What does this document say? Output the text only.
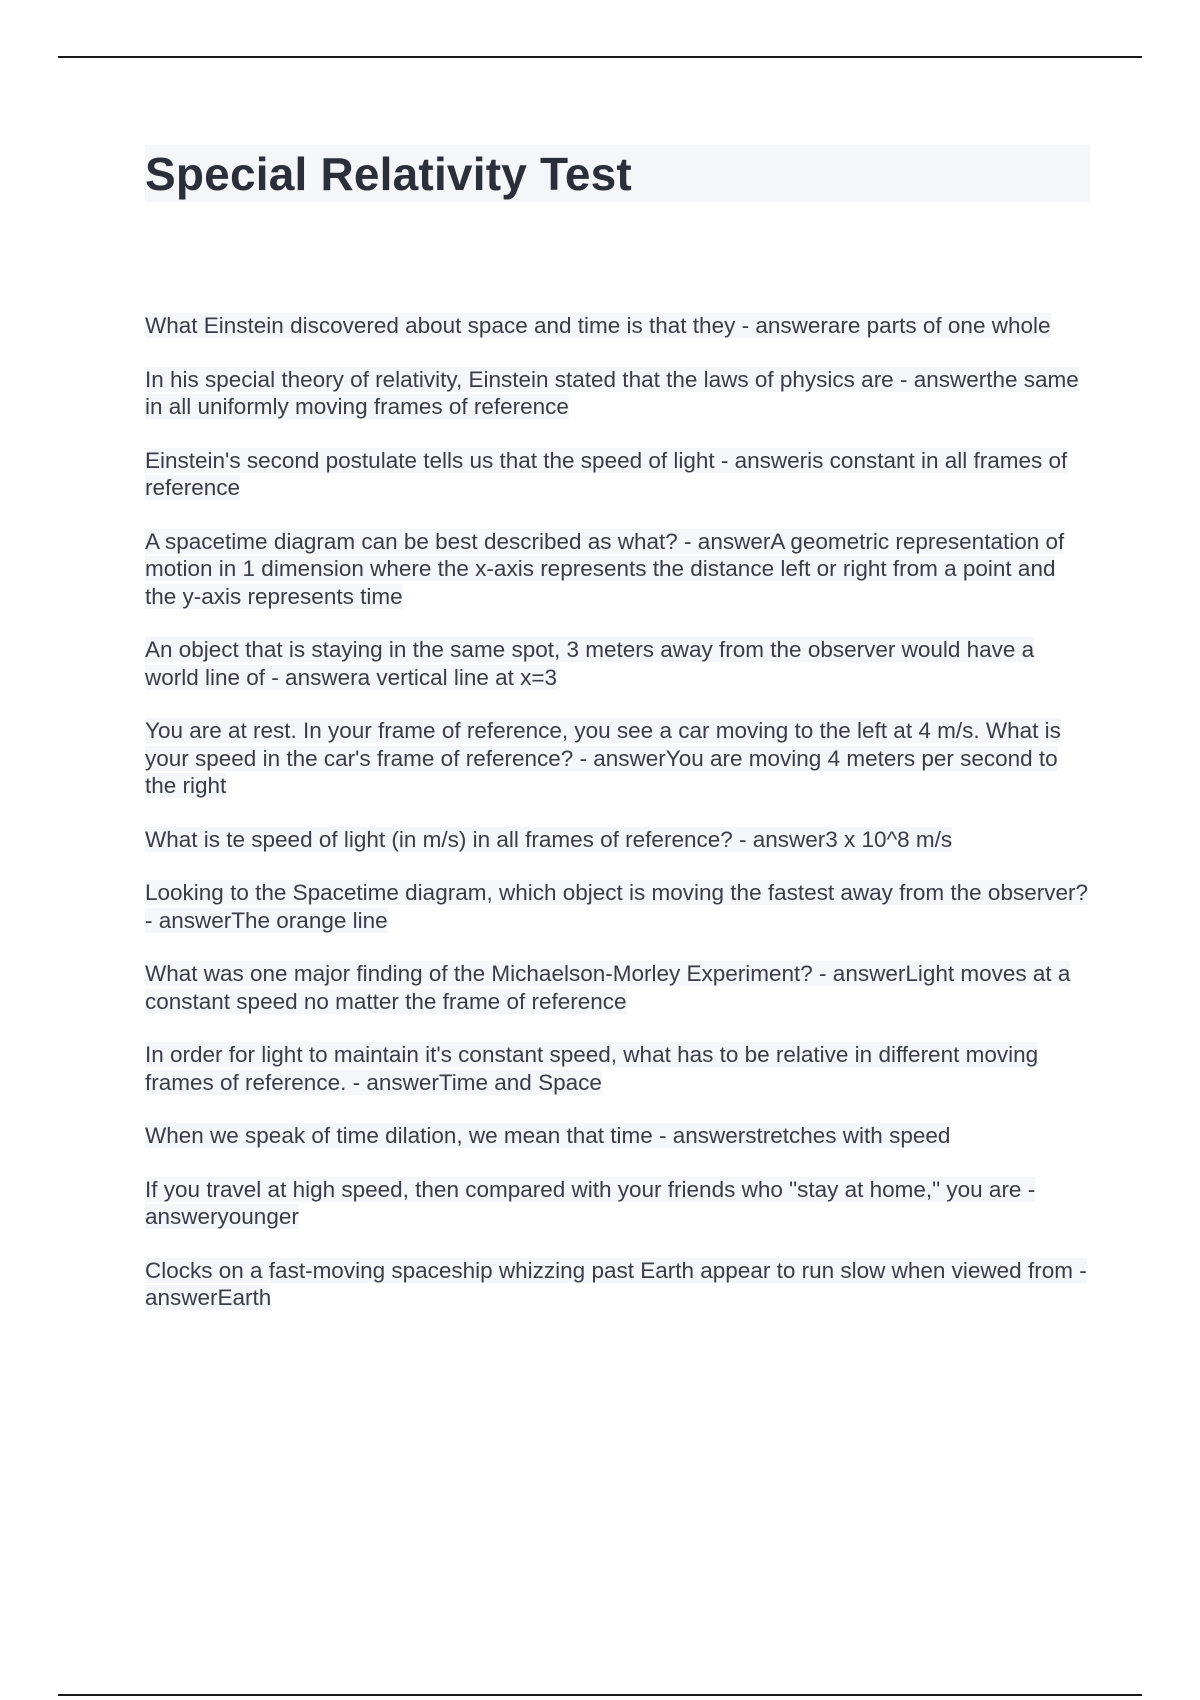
Special Relativity Test
What Einstein discovered about space and time is that they - answerare parts of one whole
In his special theory of relativity, Einstein stated that the laws of physics are - answerthe same in all uniformly moving frames of reference
Einstein's second postulate tells us that the speed of light - answeris constant in all frames of reference
A spacetime diagram can be best described as what? - answerA geometric representation of motion in 1 dimension where the x-axis represents the distance left or right from a point and the y-axis represents time
An object that is staying in the same spot, 3 meters away from the observer would have a world line of - answera vertical line at x=3
You are at rest. In your frame of reference, you see a car moving to the left at 4 m/s. What is your speed in the car's frame of reference? - answerYou are moving 4 meters per second to the right
What is te speed of light (in m/s) in all frames of reference? - answer3 x 10^8 m/s
Looking to the Spacetime diagram, which object is moving the fastest away from the observer? - answerThe orange line
What was one major finding of the Michaelson-Morley Experiment? - answerLight moves at a constant speed no matter the frame of reference
In order for light to maintain it's constant speed, what has to be relative in different moving frames of reference. - answerTime and Space
When we speak of time dilation, we mean that time - answerstretches with speed
If you travel at high speed, then compared with your friends who "stay at home," you are - answeryounger
Clocks on a fast-moving spaceship whizzing past Earth appear to run slow when viewed from - answerEarth
